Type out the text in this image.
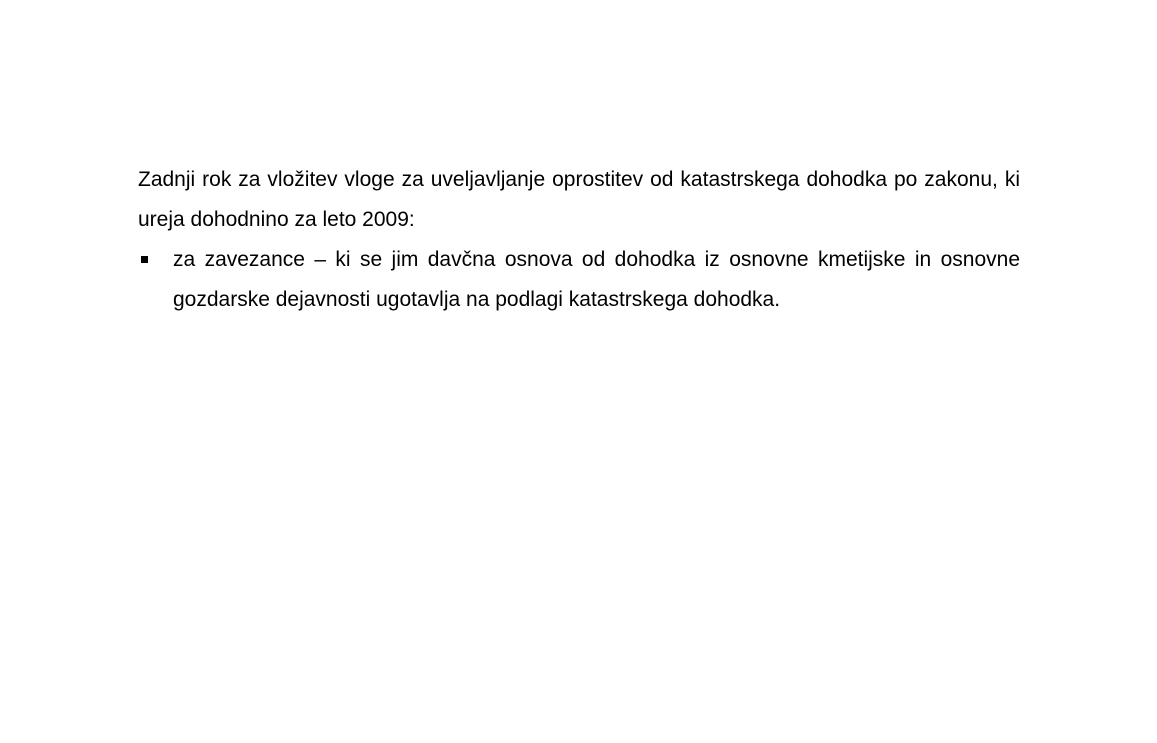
Zadnji rok za vložitev vloge za uveljavljanje oprostitev od katastrskega dohodka po zakonu, ki ureja dohodnino za leto 2009:

za zavezance – ki se jim davčna osnova od dohodka iz osnovne kmetijske in osnovne gozdarske dejavnosti ugotavlja na podlagi katastrskega dohodka.
